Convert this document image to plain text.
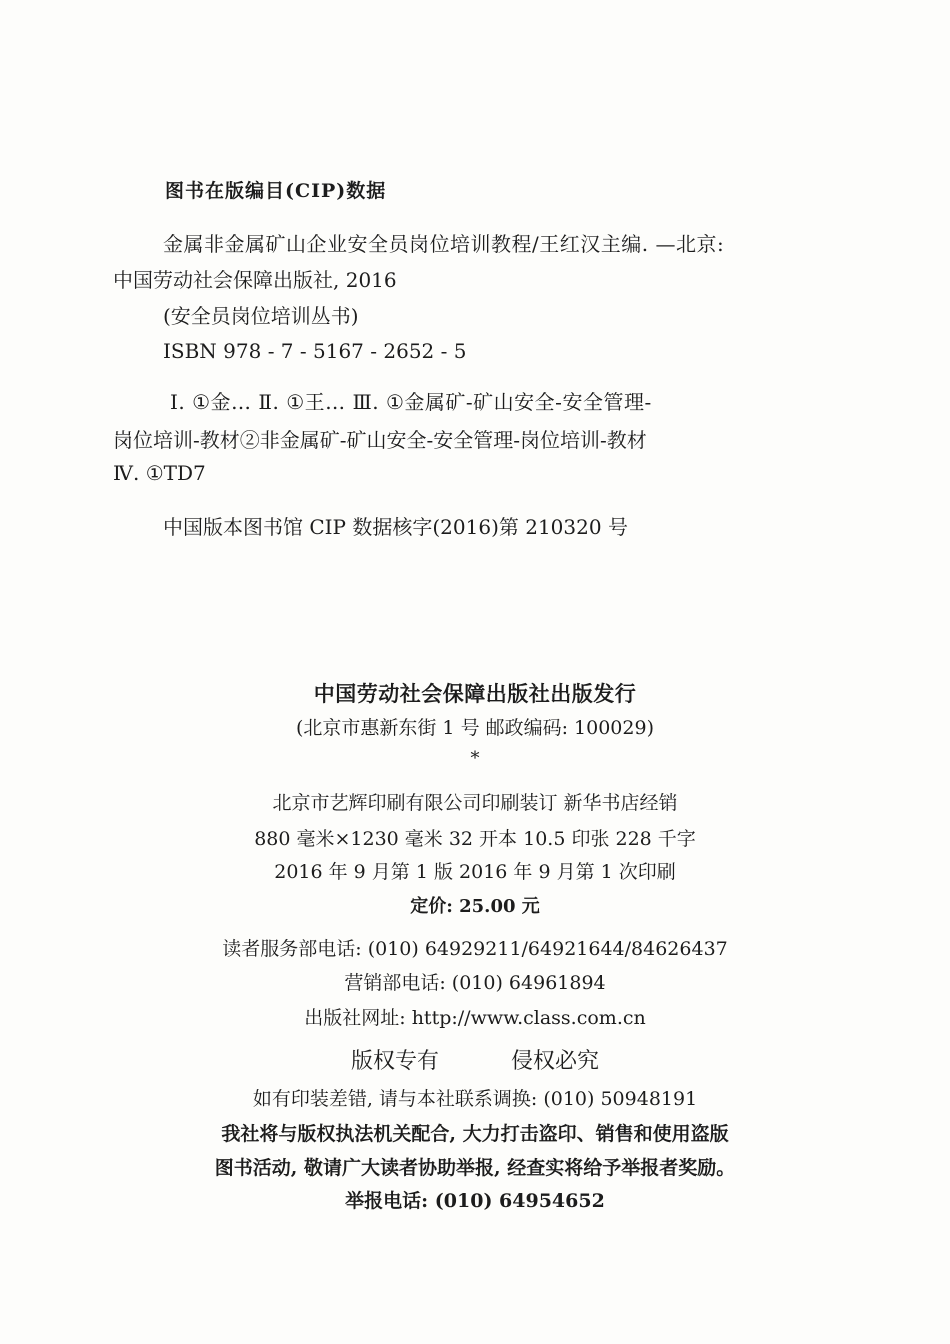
图书在版编目(CIP)数据
金属非金属矿山企业安全员岗位培训教程/王红汉主编. —北京:
中国劳动社会保障出版社, 2016
(安全员岗位培训丛书)
ISBN 978 - 7 - 5167 - 2652 - 5
Ⅰ. ①金… Ⅱ. ①王… Ⅲ. ①金属矿-矿山安全-安全管理-
岗位培训-教材②非金属矿-矿山安全-安全管理-岗位培训-教材
Ⅳ. ①TD7
中国版本图书馆 CIP 数据核字(2016)第 210320 号
中国劳动社会保障出版社出版发行
(北京市惠新东街 1 号 邮政编码: 100029)
*
北京市艺辉印刷有限公司印刷装订 新华书店经销
880 毫米×1230 毫米 32 开本 10.5 印张 228 千字
2016 年 9 月第 1 版 2016 年 9 月第 1 次印刷
定价: 25.00 元
读者服务部电话: (010) 64929211/64921644/84626437
营销部电话: (010) 64961894
出版社网址: http://www.class.com.cn
版权专有	侵权必究
如有印装差错, 请与本社联系调换: (010) 50948191
我社将与版权执法机关配合, 大力打击盗印、销售和使用盗版
图书活动, 敬请广大读者协助举报, 经查实将给予举报者奖励。
举报电话: (010) 64954652
